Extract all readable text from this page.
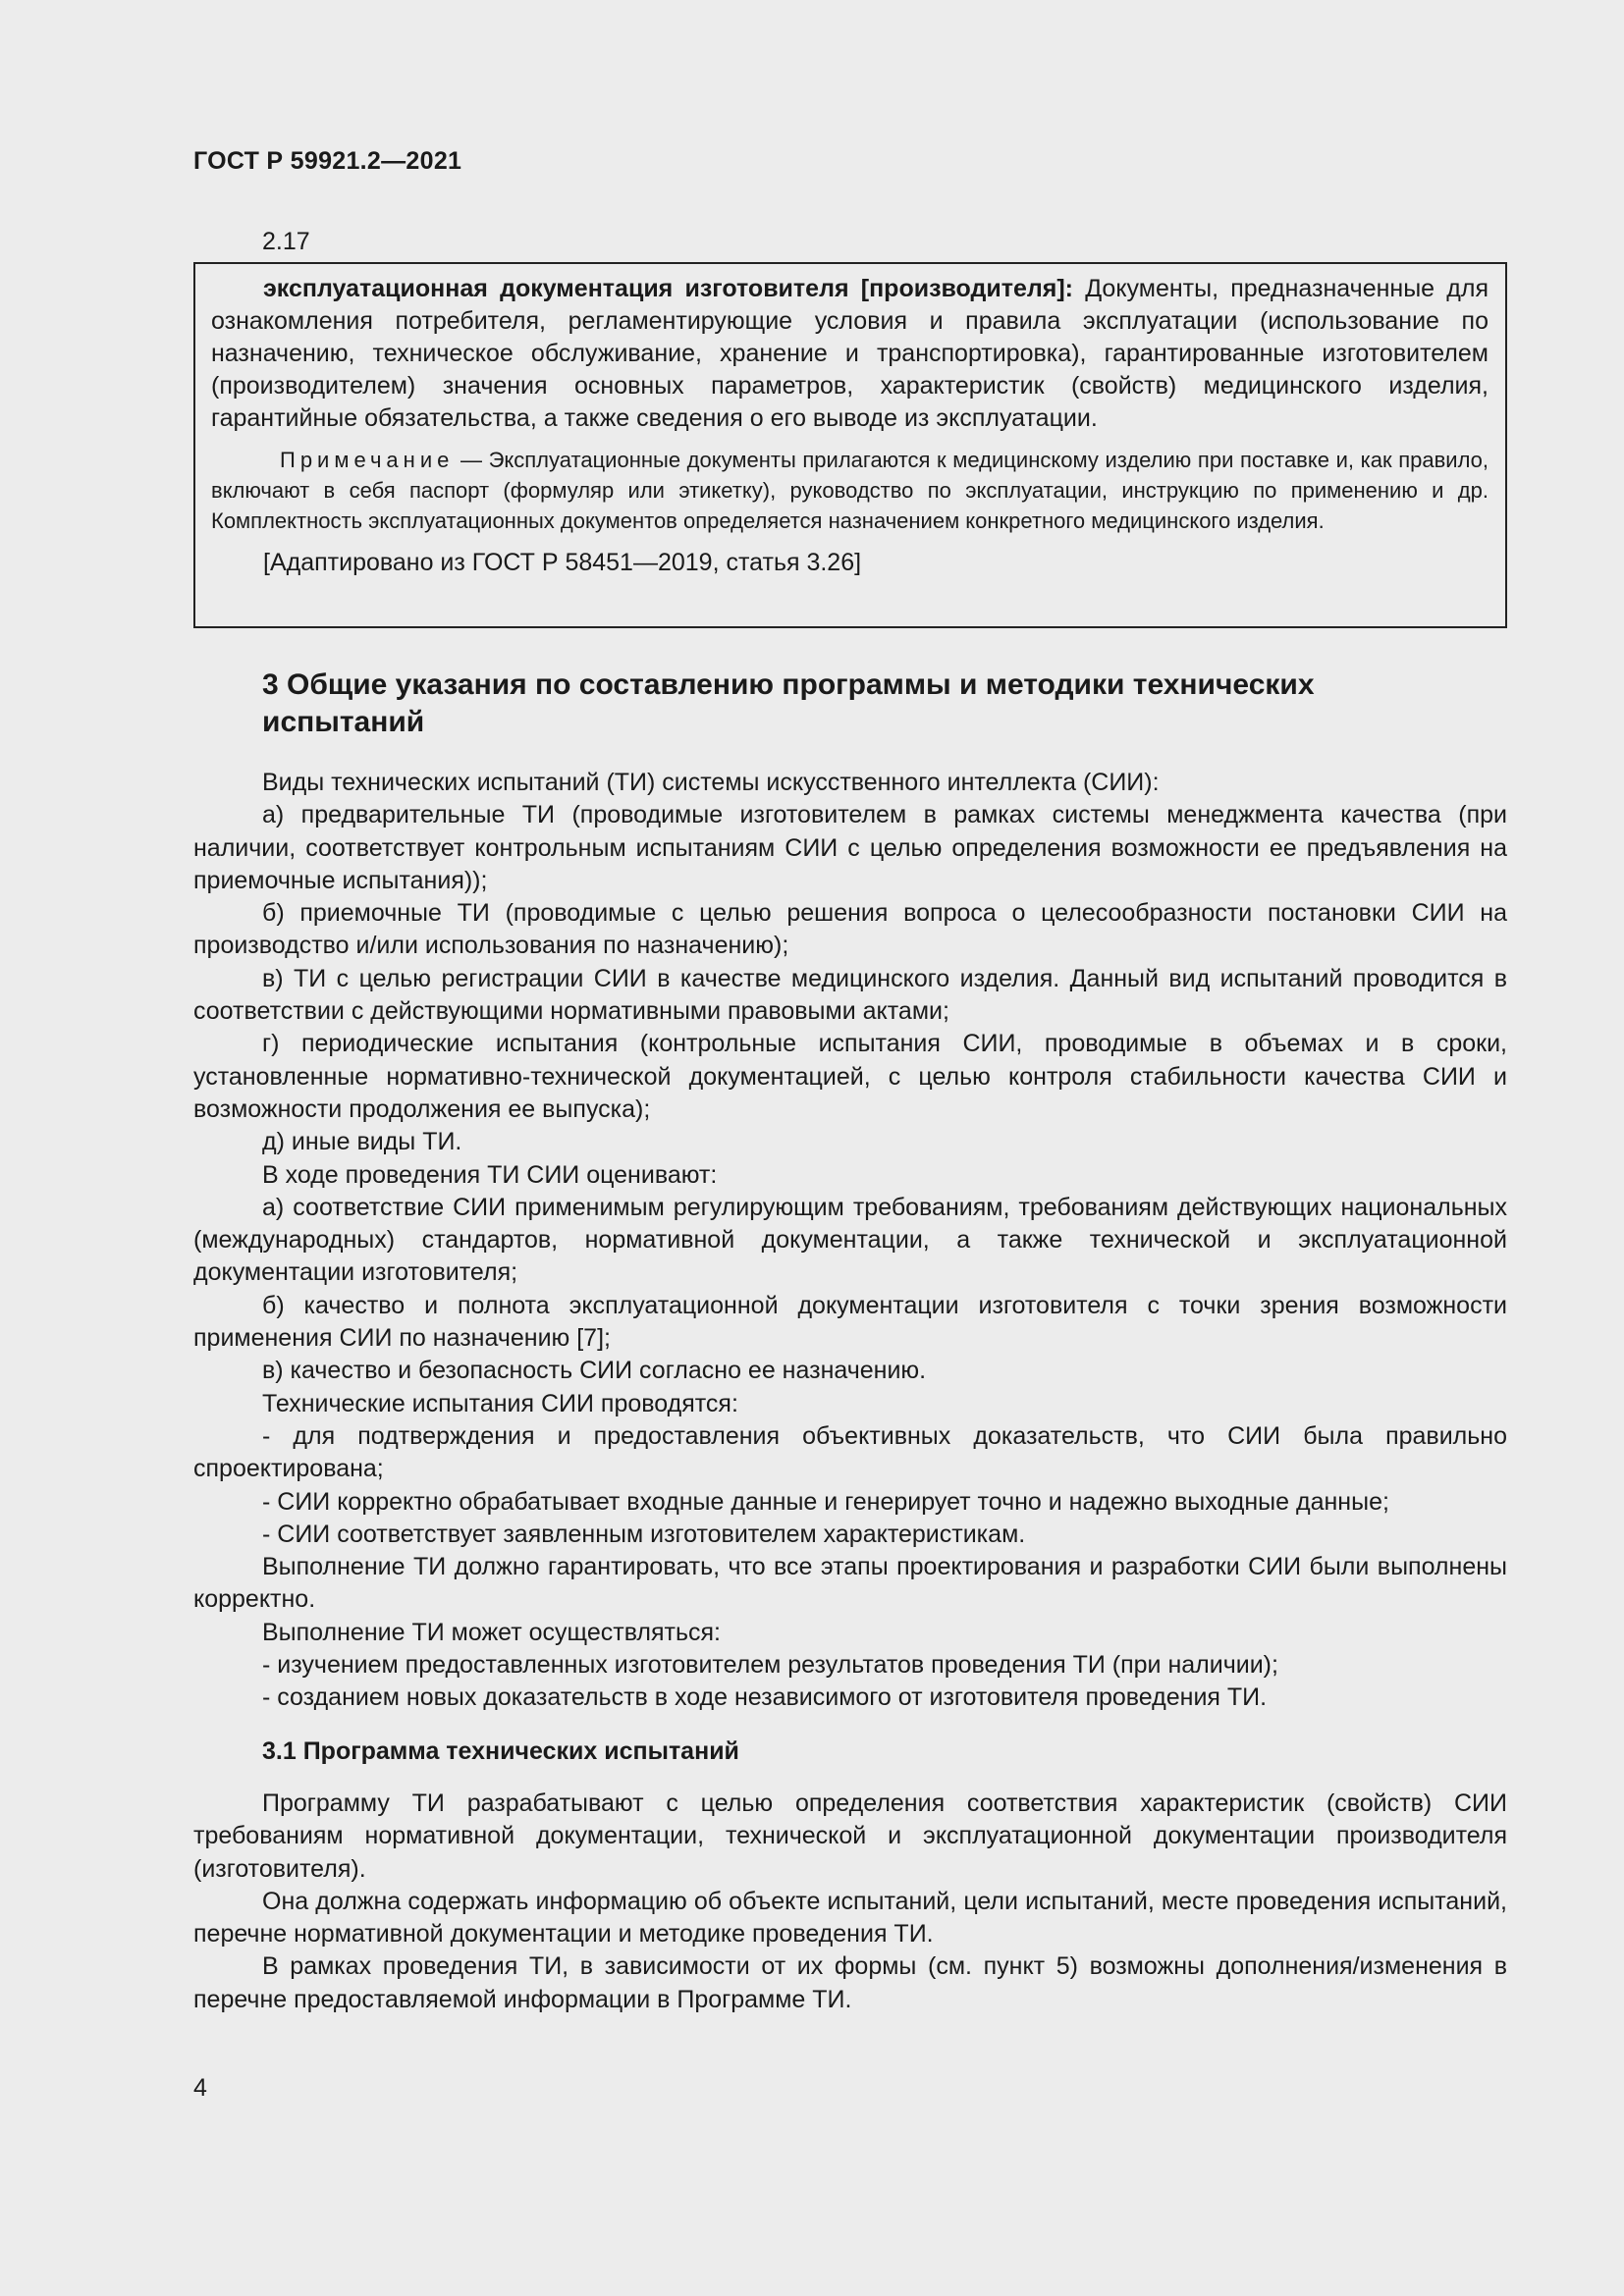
ГОСТ Р 59921.2—2021
2.17

эксплуатационная документация изготовителя [производителя]: Документы, предназначенные для ознакомления потребителя, регламентирующие условия и правила эксплуатации (использование по назначению, техническое обслуживание, хранение и транспортировка), гарантированные изготовителем (производителем) значения основных параметров, характеристик (свойств) медицинского изделия, гарантийные обязательства, а также сведения о его выводе из эксплуатации.

Примечание — Эксплуатационные документы прилагаются к медицинскому изделию при поставке и, как правило, включают в себя паспорт (формуляр или этикетку), руководство по эксплуатации, инструкцию по применению и др. Комплектность эксплуатационных документов определяется назначением конкретного медицинского изделия.

[Адаптировано из ГОСТ Р 58451—2019, статья 3.26]

3 Общие указания по составлению программы и методики технических испытаний

Виды технических испытаний (ТИ) системы искусственного интеллекта (СИИ):

а) предварительные ТИ (проводимые изготовителем в рамках системы менеджмента качества (при наличии, соответствует контрольным испытаниям СИИ с целью определения возможности ее предъявления на приемочные испытания));

б) приемочные ТИ (проводимые с целью решения вопроса о целесообразности постановки СИИ на производство и/или использования по назначению);

в) ТИ с целью регистрации СИИ в качестве медицинского изделия. Данный вид испытаний проводится в соответствии с действующими нормативными правовыми актами;

г) периодические испытания (контрольные испытания СИИ, проводимые в объемах и в сроки, установленные нормативно-технической документацией, с целью контроля стабильности качества СИИ и возможности продолжения ее выпуска);

д) иные виды ТИ.

В ходе проведения ТИ СИИ оценивают:

а) соответствие СИИ применимым регулирующим требованиям, требованиям действующих национальных (международных) стандартов, нормативной документации, а также технической и эксплуатационной документации изготовителя;

б) качество и полнота эксплуатационной документации изготовителя с точки зрения возможности применения СИИ по назначению [7];

в) качество и безопасность СИИ согласно ее назначению.

Технические испытания СИИ проводятся:

- для подтверждения и предоставления объективных доказательств, что СИИ была правильно спроектирована;

- СИИ корректно обрабатывает входные данные и генерирует точно и надежно выходные данные;

- СИИ соответствует заявленным изготовителем характеристикам.

Выполнение ТИ должно гарантировать, что все этапы проектирования и разработки СИИ были выполнены корректно.

Выполнение ТИ может осуществляться:

- изучением предоставленных изготовителем результатов проведения ТИ (при наличии);

- созданием новых доказательств в ходе независимого от изготовителя проведения ТИ.

3.1 Программа технических испытаний

Программу ТИ разрабатывают с целью определения соответствия характеристик (свойств) СИИ требованиям нормативной документации, технической и эксплуатационной документации производителя (изготовителя).

Она должна содержать информацию об объекте испытаний, цели испытаний, месте проведения испытаний, перечне нормативной документации и методике проведения ТИ.

В рамках проведения ТИ, в зависимости от их формы (см. пункт 5) возможны дополнения/изменения в перечне предоставляемой информации в Программе ТИ.

4
